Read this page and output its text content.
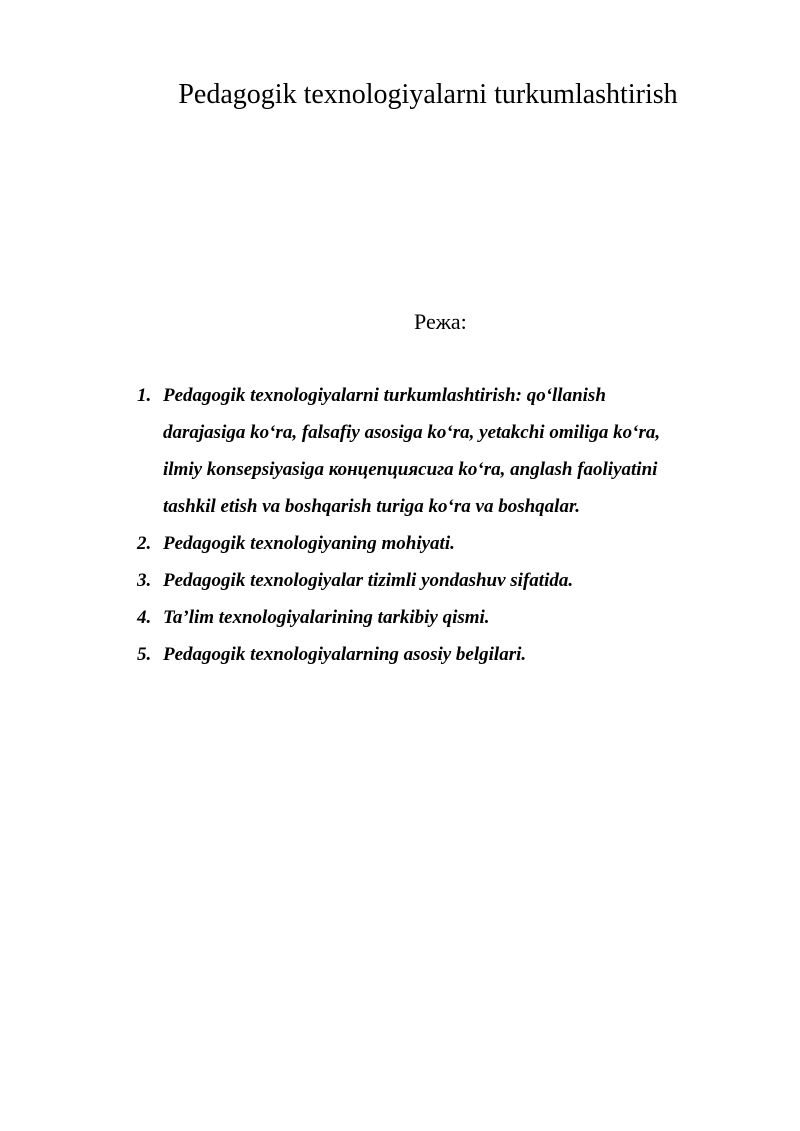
Pedagogik texnologiyalarni turkumlashtirish
Режа:
1. Pedagogik texnologiyalarni turkumlashtirish: qo‘llanish
darajasiga ko‘ra, falsafiy asosiga ko‘ra, yetakchi omiliga ko‘ra,
ilmiy konsepsiyasiga концепциясига ko‘ra, anglash faoliyatini
tashkil etish va boshqarish turiga ko‘ra va boshqalar.
2. Pedagogik texnologiyaning mohiyati.
3. Pedagogik texnologiyalar tizimli yondashuv sifatida.
4. Ta’lim texnologiyalarining tarkibiy qismi.
5. Pedagogik texnologiyalarning asosiy belgilari.
